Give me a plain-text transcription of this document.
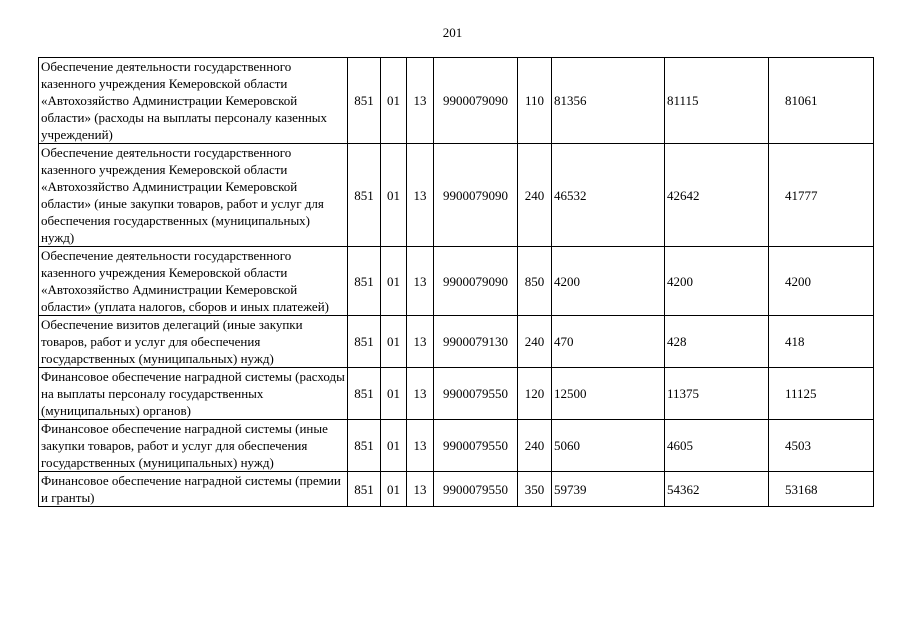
201
Обеспечение деятельности государственного казенного учреждения Кемеровской области «Автохозяйство Администрации Кемеровской области» (расходы на выплаты персоналу казенных учреждений)	851	01	13	9900079090	110	81356	81115	81061
Обеспечение деятельности государственного казенного учреждения Кемеровской области «Автохозяйство Администрации Кемеровской области» (иные закупки товаров, работ и услуг для обеспечения государственных (муниципальных) нужд)	851	01	13	9900079090	240	46532	42642	41777
Обеспечение деятельности государственного казенного учреждения Кемеровской области «Автохозяйство Администрации Кемеровской области» (уплата налогов, сборов и иных платежей)	851	01	13	9900079090	850	4200	4200	4200
Обеспечение визитов делегаций (иные закупки товаров, работ и услуг для обеспечения государственных (муниципальных) нужд)	851	01	13	9900079130	240	470	428	418
Финансовое обеспечение наградной системы (расходы на выплаты персоналу государственных (муниципальных) органов)	851	01	13	9900079550	120	12500	11375	11125
Финансовое обеспечение наградной системы (иные закупки товаров, работ и услуг для обеспечения государственных (муниципальных) нужд)	851	01	13	9900079550	240	5060	4605	4503
Финансовое обеспечение наградной системы (премии и гранты)	851	01	13	9900079550	350	59739	54362	53168
